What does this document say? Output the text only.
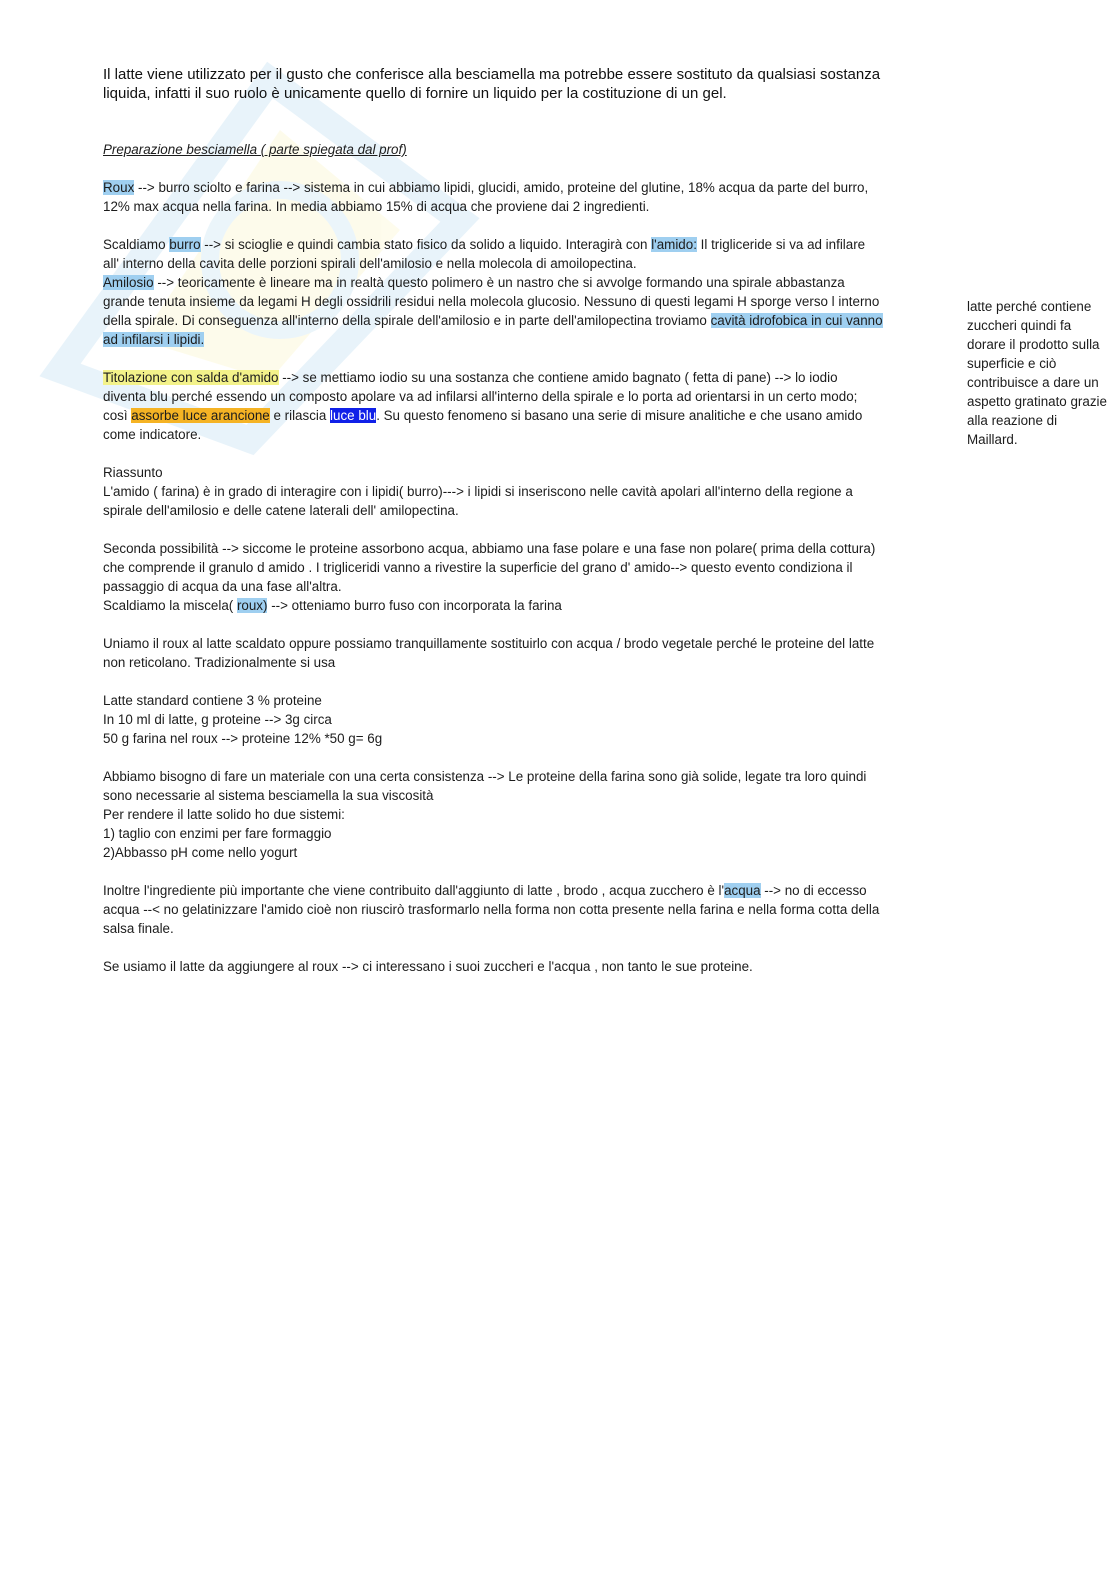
Il latte viene utilizzato per il gusto che conferisce alla besciamella ma potrebbe essere sostituto da qualsiasi sostanza liquida, infatti il suo ruolo è unicamente quello di fornire un liquido per la costituzione di un gel.

Preparazione besciamella ( parte spiegata dal prof)

Roux --> burro sciolto e farina --> sistema in cui abbiamo lipidi, glucidi, amido, proteine del glutine, 18% acqua da parte del burro, 12% max acqua nella farina. In media abbiamo 15% di acqua che proviene dai 2 ingredienti.

Scaldiamo burro --> si scioglie e quindi cambia stato fisico da solido a liquido. Interagirà con l'amido: Il trigliceride si va ad infilare all' interno della cavita delle porzioni spirali dell'amilosio e nella molecola di amoilopectina.
Amilosio --> teoricamente è lineare ma in realtà questo polimero è un nastro che si avvolge formando una spirale abbastanza grande tenuta insieme da legami H degli ossidrili residui nella molecola glucosio. Nessuno di questi legami H sporge verso l interno della spirale. Di conseguenza all'interno della spirale dell'amilosio e in parte dell'amilopectina troviamo cavità idrofobica in cui vanno ad infilarsi i lipidi.

Titolazione con salda d'amido --> se mettiamo iodio su una sostanza che contiene amido bagnato ( fetta di pane) --> lo iodio diventa blu perché essendo un composto apolare va ad infilarsi all'interno della spirale e lo porta ad orientarsi in un certo modo; così assorbe luce arancione e rilascia luce blu. Su questo fenomeno si basano una serie di misure analitiche e che usano amido come indicatore.

Riassunto
L'amido ( farina) è in grado di interagire con i lipidi( burro)---> i lipidi si inseriscono nelle cavità apolari all'interno della regione a spirale dell'amilosio e delle catene laterali dell' amilopectina.

Seconda possibilità --> siccome le proteine assorbono acqua, abbiamo una fase polare e una fase non polare( prima della cottura) che comprende il granulo d amido . I trigliceridi vanno a rivestire la superficie del grano d' amido--> questo evento condiziona il passaggio di acqua da una fase all'altra.
Scaldiamo la miscela( roux) --> otteniamo burro fuso con incorporata la farina

Uniamo il roux al latte scaldato oppure possiamo tranquillamente sostituirlo con acqua / brodo vegetale perché le proteine del latte non reticolano. Tradizionalmente si usa

Latte standard contiene 3 % proteine
In 10 ml di latte, g proteine --> 3g circa
50 g farina nel roux --> proteine 12% *50 g= 6g

Abbiamo bisogno di fare un materiale con una certa consistenza --> Le proteine della farina sono già solide, legate tra loro quindi sono necessarie al sistema besciamella la sua viscosità
Per rendere il latte solido ho due sistemi:
1) taglio con enzimi per fare formaggio
2)Abbasso pH come nello yogurt

Inoltre l'ingrediente più importante che viene contribuito dall'aggiunto di latte , brodo , acqua zucchero è l'acqua --> no di eccesso acqua --< no gelatinizzare l'amido cioè non riuscirò trasformarlo nella forma non cotta presente nella farina e nella forma cotta della salsa finale.

Se usiamo il latte da aggiungere al roux --> ci interessano i suoi zuccheri e l'acqua , non tanto le sue proteine.

latte perché contiene zuccheri quindi fa dorare il prodotto sulla superficie e ciò contribuisce a dare un aspetto gratinato grazie alla reazione di Maillard.
